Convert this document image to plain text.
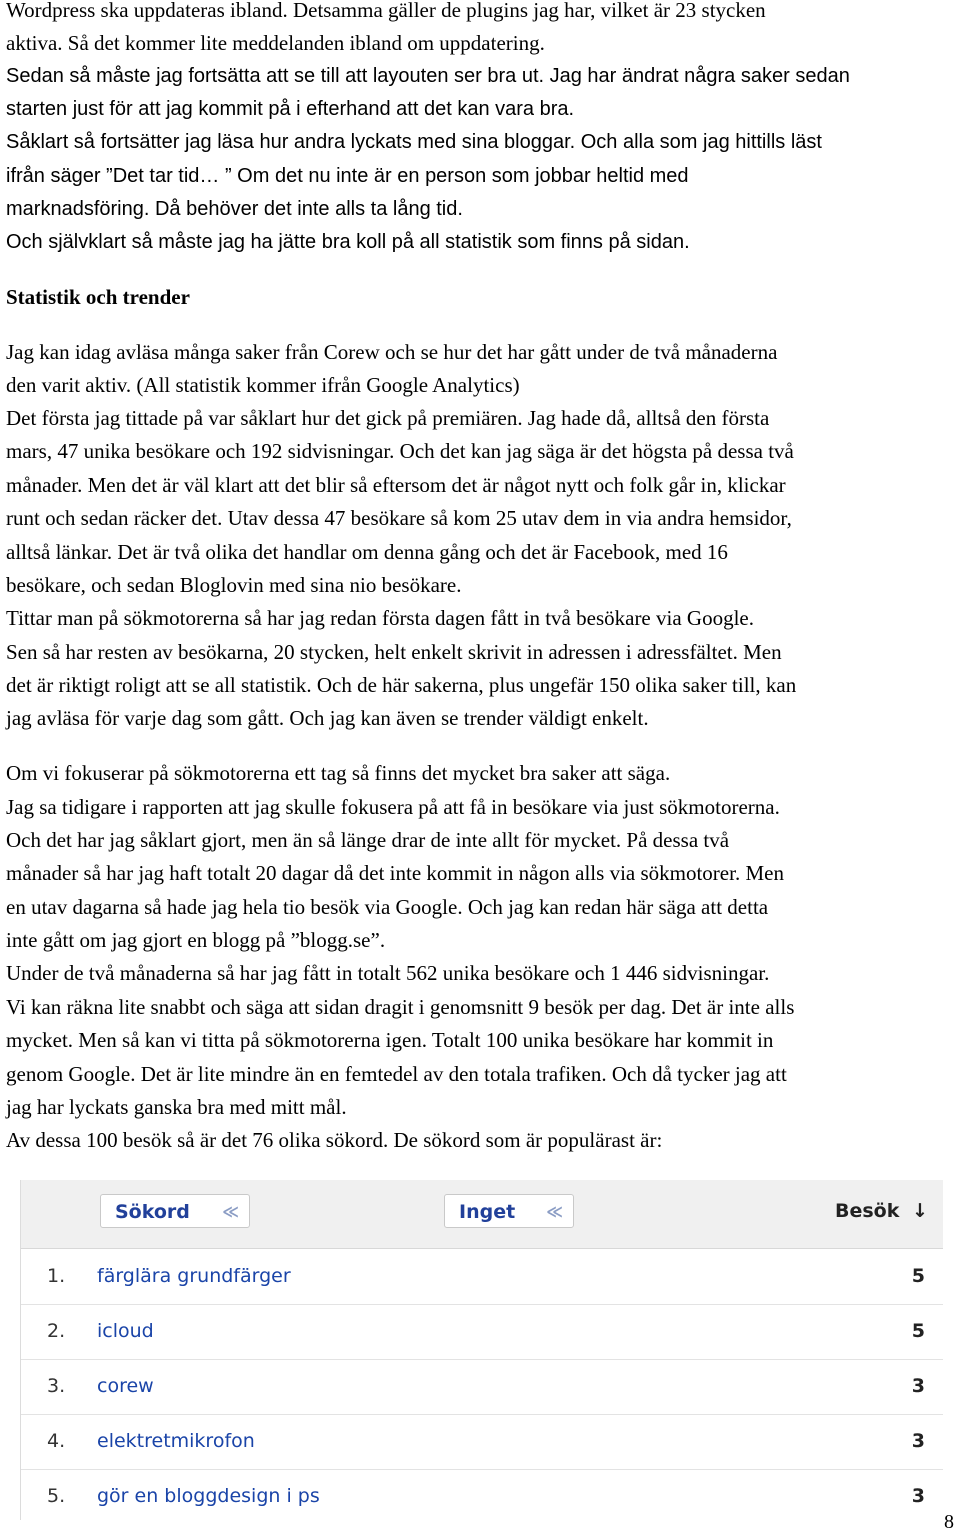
Wordpress ska uppdateras ibland. Detsamma gäller de plugins jag har, vilket är 23 stycken
aktiva. Så det kommer lite meddelanden ibland om uppdatering.
Sedan så måste jag fortsätta att se till att layouten ser bra ut. Jag har ändrat några saker sedan
starten just för att jag kommit på i efterhand att det kan vara bra.
Såklart så fortsätter jag läsa hur andra lyckats med sina bloggar. Och alla som jag hittills läst
ifrån säger ”Det tar tid… ” Om det nu inte är en person som jobbar heltid med
marknadsföring. Då behöver det inte alls ta lång tid.
Och självklart så måste jag ha jätte bra koll på all statistik som finns på sidan.
Statistik och trender
Jag kan idag avläsa många saker från Corew och se hur det har gått under de två månaderna
den varit aktiv. (All statistik kommer ifrån Google Analytics)
Det första jag tittade på var såklart hur det gick på premiären. Jag hade då, alltså den första
mars, 47 unika besökare och 192 sidvisningar. Och det kan jag säga är det högsta på dessa två
månader. Men det är väl klart att det blir så eftersom det är något nytt och folk går in, klickar
runt och sedan räcker det. Utav dessa 47 besökare så kom 25 utav dem in via andra hemsidor,
alltså länkar. Det är två olika det handlar om denna gång och det är Facebook, med 16
besökare, och sedan Bloglovin med sina nio besökare.
Tittar man på sökmotorerna så har jag redan första dagen fått in två besökare via Google.
Sen så har resten av besökarna, 20 stycken, helt enkelt skrivit in adressen i adressfältet. Men
det är riktigt roligt att se all statistik. Och de här sakerna, plus ungefär 150 olika saker till, kan
jag avläsa för varje dag som gått. Och jag kan även se trender väldigt enkelt.
Om vi fokuserar på sökmotorerna ett tag så finns det mycket bra saker att säga.
Jag sa tidigare i rapporten att jag skulle fokusera på att få in besökare via just sökmotorerna.
Och det har jag såklart gjort, men än så länge drar de inte allt för mycket. På dessa två
månader så har jag haft totalt 20 dagar då det inte kommit in någon alls via sökmotorer. Men
en utav dagarna så hade jag hela tio besök via Google. Och jag kan redan här säga att detta
inte gått om jag gjort en blogg på ”blogg.se”.
Under de två månaderna så har jag fått in totalt 562 unika besökare och 1 446 sidvisningar.
Vi kan räkna lite snabbt och säga att sidan dragit i genomsnitt 9 besök per dag. Det är inte alls
mycket. Men så kan vi titta på sökmotorerna igen. Totalt 100 unika besökare har kommit in
genom Google. Det är lite mindre än en femtedel av den totala trafiken. Och då tycker jag att
jag har lyckats ganska bra med mitt mål.
Av dessa 100 besök så är det 76 olika sökord. De sökord som är populärast är:
Sökord ≪	Inget ≪	Besök ↓
1. färglära grundfärger	5
2. icloud	5
3. corew	3
4. elektretmikrofon	3
5. gör en bloggdesign i ps	3
8
